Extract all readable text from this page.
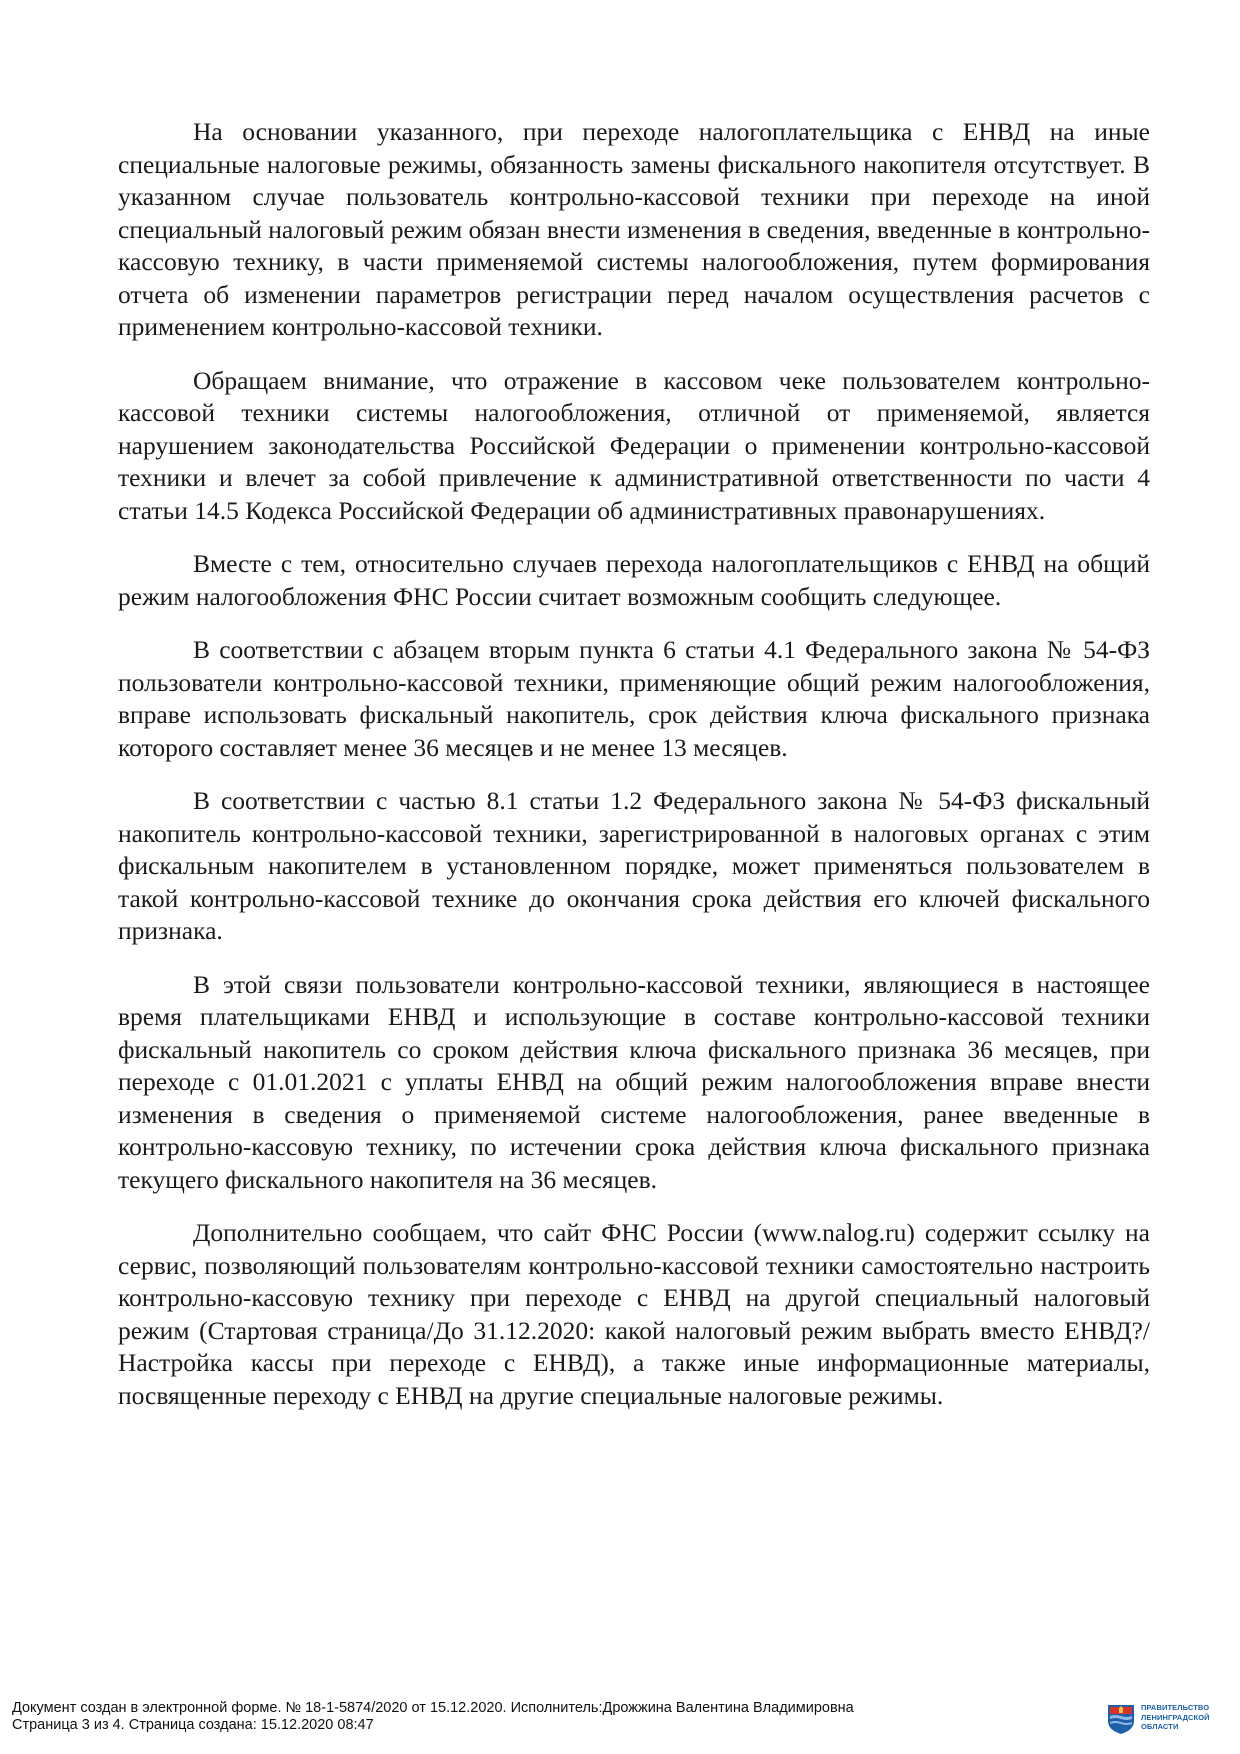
На основании указанного, при переходе налогоплательщика с ЕНВД на иные специальные налоговые режимы, обязанность замены фискального накопителя отсутствует. В указанном случае пользователь контрольно-кассовой техники при переходе на иной специальный налоговый режим обязан внести изменения в сведения, введенные в контрольно-кассовую технику, в части применяемой системы налогообложения, путем формирования отчета об изменении параметров регистрации перед началом осуществления расчетов с применением контрольно-кассовой техники.

Обращаем внимание, что отражение в кассовом чеке пользователем контрольно-кассовой техники системы налогообложения, отличной от применяемой, является нарушением законодательства Российской Федерации о применении контрольно-кассовой техники и влечет за собой привлечение к административной ответственности по части 4 статьи 14.5 Кодекса Российской Федерации об административных правонарушениях.

Вместе с тем, относительно случаев перехода налогоплательщиков с ЕНВД на общий режим налогообложения ФНС России считает возможным сообщить следующее.

В соответствии с абзацем вторым пункта 6 статьи 4.1 Федерального закона № 54-ФЗ пользователи контрольно-кассовой техники, применяющие общий режим налогообложения, вправе использовать фискальный накопитель, срок действия ключа фискального признака которого составляет менее 36 месяцев и не менее 13 месяцев.

В соответствии с частью 8.1 статьи 1.2 Федерального закона № 54-ФЗ фискальный накопитель контрольно-кассовой техники, зарегистрированной в налоговых органах с этим фискальным накопителем в установленном порядке, может применяться пользователем в такой контрольно-кассовой технике до окончания срока действия его ключей фискального признака.

В этой связи пользователи контрольно-кассовой техники, являющиеся в настоящее время плательщиками ЕНВД и использующие в составе контрольно-кассовой техники фискальный накопитель со сроком действия ключа фискального признака 36 месяцев, при переходе с 01.01.2021 с уплаты ЕНВД на общий режим налогообложения вправе внести изменения в сведения о применяемой системе налогообложения, ранее введенные в контрольно-кассовую технику, по истечении срока действия ключа фискального признака текущего фискального накопителя на 36 месяцев.

Дополнительно сообщаем, что сайт ФНС России (www.nalog.ru) содержит ссылку на сервис, позволяющий пользователям контрольно-кассовой техники самостоятельно настроить контрольно-кассовую технику при переходе с ЕНВД на другой специальный налоговый режим (Стартовая страница/До 31.12.2020: какой налоговый режим выбрать вместо ЕНВД?/Настройка кассы при переходе с ЕНВД), а также иные информационные материалы, посвященные переходу с ЕНВД на другие специальные налоговые режимы.

Документ создан в электронной форме. № 18-1-5874/2020 от 15.12.2020. Исполнитель:Дрожжина Валентина Владимировна
Страница 3 из 4. Страница создана: 15.12.2020 08:47
ПРАВИТЕЛЬСТВО
ЛЕНИНГРАДСКОЙ
ОБЛАСТИ
